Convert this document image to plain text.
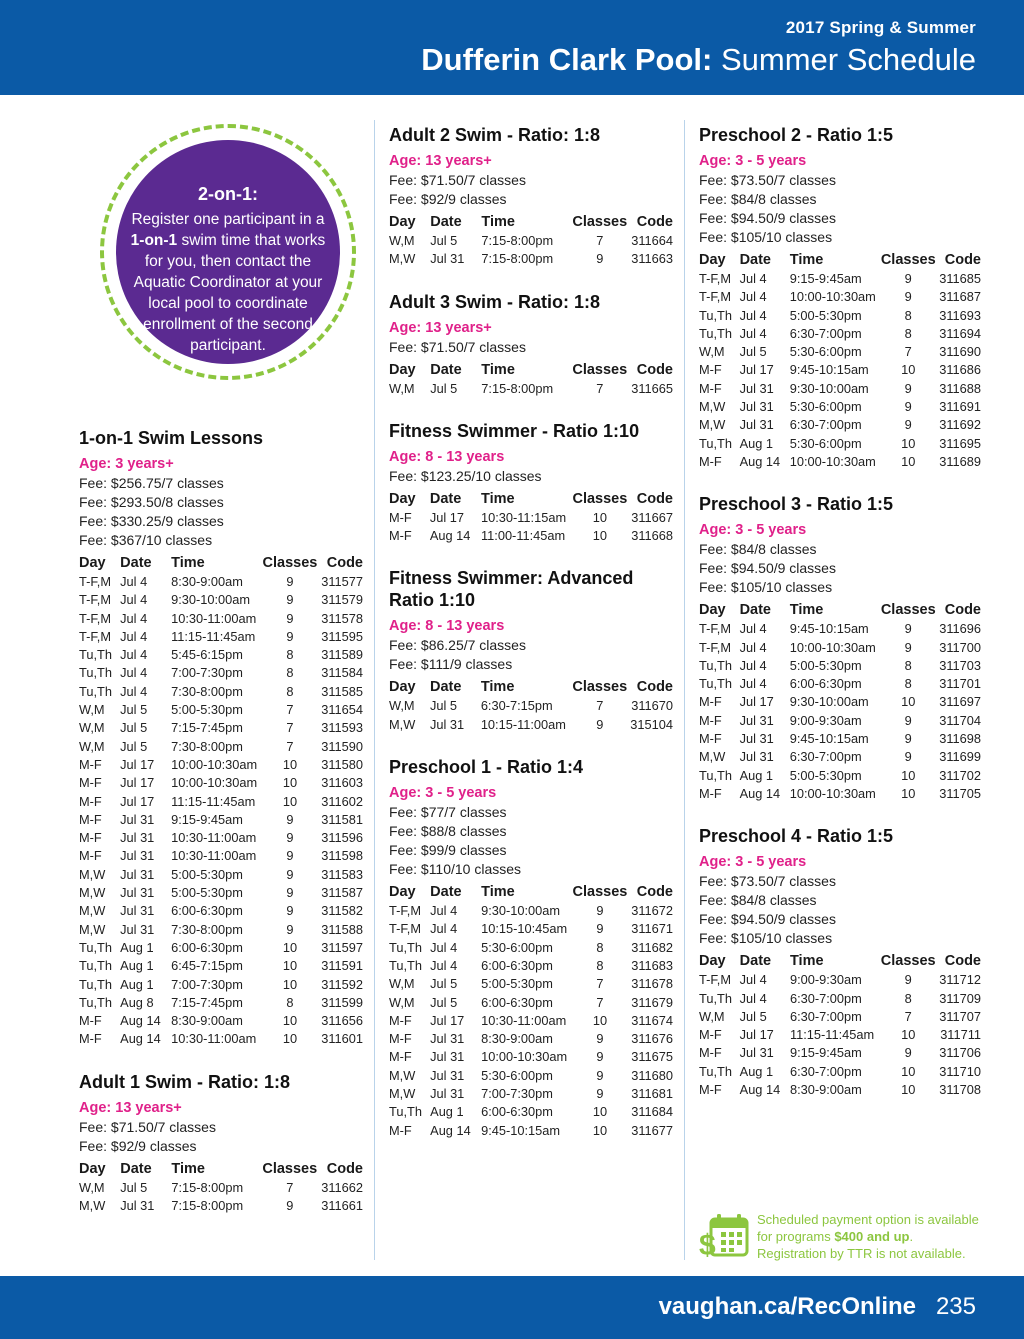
2017 Spring & Summer
Dufferin Clark Pool: Summer Schedule
2-on-1:
Register one participant in a 1-on-1 swim time that works for you, then contact the Aquatic Coordinator at your local pool to coordinate enrollment of the second participant.
1-on-1 Swim Lessons
Age: 3 years+
Fee: $256.75/7 classes
Fee: $293.50/8 classes
Fee: $330.25/9 classes
Fee: $367/10 classes
Day	Date	Time	Classes	Code
T-F,M	Jul 4	8:30-9:00am	9	311577
T-F,M	Jul 4	9:30-10:00am	9	311579
T-F,M	Jul 4	10:30-11:00am	9	311578
T-F,M	Jul 4	11:15-11:45am	9	311595
Tu,Th	Jul 4	5:45-6:15pm	8	311589
Tu,Th	Jul 4	7:00-7:30pm	8	311584
Tu,Th	Jul 4	7:30-8:00pm	8	311585
W,M	Jul 5	5:00-5:30pm	7	311654
W,M	Jul 5	7:15-7:45pm	7	311593
W,M	Jul 5	7:30-8:00pm	7	311590
M-F	Jul 17	10:00-10:30am	10	311580
M-F	Jul 17	10:00-10:30am	10	311603
M-F	Jul 17	11:15-11:45am	10	311602
M-F	Jul 31	9:15-9:45am	9	311581
M-F	Jul 31	10:30-11:00am	9	311596
M-F	Jul 31	10:30-11:00am	9	311598
M,W	Jul 31	5:00-5:30pm	9	311583
M,W	Jul 31	5:00-5:30pm	9	311587
M,W	Jul 31	6:00-6:30pm	9	311582
M,W	Jul 31	7:30-8:00pm	9	311588
Tu,Th	Aug 1	6:00-6:30pm	10	311597
Tu,Th	Aug 1	6:45-7:15pm	10	311591
Tu,Th	Aug 1	7:00-7:30pm	10	311592
Tu,Th	Aug 8	7:15-7:45pm	8	311599
M-F	Aug 14	8:30-9:00am	10	311656
M-F	Aug 14	10:30-11:00am	10	311601
Adult 1 Swim - Ratio: 1:8
Age: 13 years+
Fee: $71.50/7 classes
Fee: $92/9 classes
Day	Date	Time	Classes	Code
W,M	Jul 5	7:15-8:00pm	7	311662
M,W	Jul 31	7:15-8:00pm	9	311661
Adult 2 Swim - Ratio: 1:8
Age: 13 years+
Fee: $71.50/7 classes
Fee: $92/9 classes
Day	Date	Time	Classes	Code
W,M	Jul 5	7:15-8:00pm	7	311664
M,W	Jul 31	7:15-8:00pm	9	311663
Adult 3 Swim - Ratio: 1:8
Age: 13 years+
Fee: $71.50/7 classes
Day	Date	Time	Classes	Code
W,M	Jul 5	7:15-8:00pm	7	311665
Fitness Swimmer - Ratio 1:10
Age: 8 - 13 years
Fee: $123.25/10 classes
Day	Date	Time	Classes	Code
M-F	Jul 17	10:30-11:15am	10	311667
M-F	Aug 14	11:00-11:45am	10	311668
Fitness Swimmer: Advanced Ratio 1:10
Age: 8 - 13 years
Fee: $86.25/7 classes
Fee: $111/9 classes
Day	Date	Time	Classes	Code
W,M	Jul 5	6:30-7:15pm	7	311670
M,W	Jul 31	10:15-11:00am	9	315104
Preschool 1 - Ratio 1:4
Age: 3 - 5 years
Fee: $77/7 classes
Fee: $88/8 classes
Fee: $99/9 classes
Fee: $110/10 classes
Day	Date	Time	Classes	Code
T-F,M	Jul 4	9:30-10:00am	9	311672
T-F,M	Jul 4	10:15-10:45am	9	311671
Tu,Th	Jul 4	5:30-6:00pm	8	311682
Tu,Th	Jul 4	6:00-6:30pm	8	311683
W,M	Jul 5	5:00-5:30pm	7	311678
W,M	Jul 5	6:00-6:30pm	7	311679
M-F	Jul 17	10:30-11:00am	10	311674
M-F	Jul 31	8:30-9:00am	9	311676
M-F	Jul 31	10:00-10:30am	9	311675
M,W	Jul 31	5:30-6:00pm	9	311680
M,W	Jul 31	7:00-7:30pm	9	311681
Tu,Th	Aug 1	6:00-6:30pm	10	311684
M-F	Aug 14	9:45-10:15am	10	311677
Preschool 2 - Ratio 1:5
Age: 3 - 5 years
Fee: $73.50/7 classes
Fee: $84/8 classes
Fee: $94.50/9 classes
Fee: $105/10 classes
Day	Date	Time	Classes	Code
T-F,M	Jul 4	9:15-9:45am	9	311685
T-F,M	Jul 4	10:00-10:30am	9	311687
Tu,Th	Jul 4	5:00-5:30pm	8	311693
Tu,Th	Jul 4	6:30-7:00pm	8	311694
W,M	Jul 5	5:30-6:00pm	7	311690
M-F	Jul 17	9:45-10:15am	10	311686
M-F	Jul 31	9:30-10:00am	9	311688
M,W	Jul 31	5:30-6:00pm	9	311691
M,W	Jul 31	6:30-7:00pm	9	311692
Tu,Th	Aug 1	5:30-6:00pm	10	311695
M-F	Aug 14	10:00-10:30am	10	311689
Preschool 3 - Ratio 1:5
Age: 3 - 5 years
Fee: $84/8 classes
Fee: $94.50/9 classes
Fee: $105/10 classes
Day	Date	Time	Classes	Code
T-F,M	Jul 4	9:45-10:15am	9	311696
T-F,M	Jul 4	10:00-10:30am	9	311700
Tu,Th	Jul 4	5:00-5:30pm	8	311703
Tu,Th	Jul 4	6:00-6:30pm	8	311701
M-F	Jul 17	9:30-10:00am	10	311697
M-F	Jul 31	9:00-9:30am	9	311704
M-F	Jul 31	9:45-10:15am	9	311698
M,W	Jul 31	6:30-7:00pm	9	311699
Tu,Th	Aug 1	5:00-5:30pm	10	311702
M-F	Aug 14	10:00-10:30am	10	311705
Preschool 4 - Ratio 1:5
Age: 3 - 5 years
Fee: $73.50/7 classes
Fee: $84/8 classes
Fee: $94.50/9 classes
Fee: $105/10 classes
Day	Date	Time	Classes	Code
T-F,M	Jul 4	9:00-9:30am	9	311712
Tu,Th	Jul 4	6:30-7:00pm	8	311709
W,M	Jul 5	6:30-7:00pm	7	311707
M-F	Jul 17	11:15-11:45am	10	311711
M-F	Jul 31	9:15-9:45am	9	311706
Tu,Th	Aug 1	6:30-7:00pm	10	311710
M-F	Aug 14	8:30-9:00am	10	311708
$
Scheduled payment option is available
for programs $400 and up.
Registration by TTR is not available.
vaughan.ca/RecOnline 235
